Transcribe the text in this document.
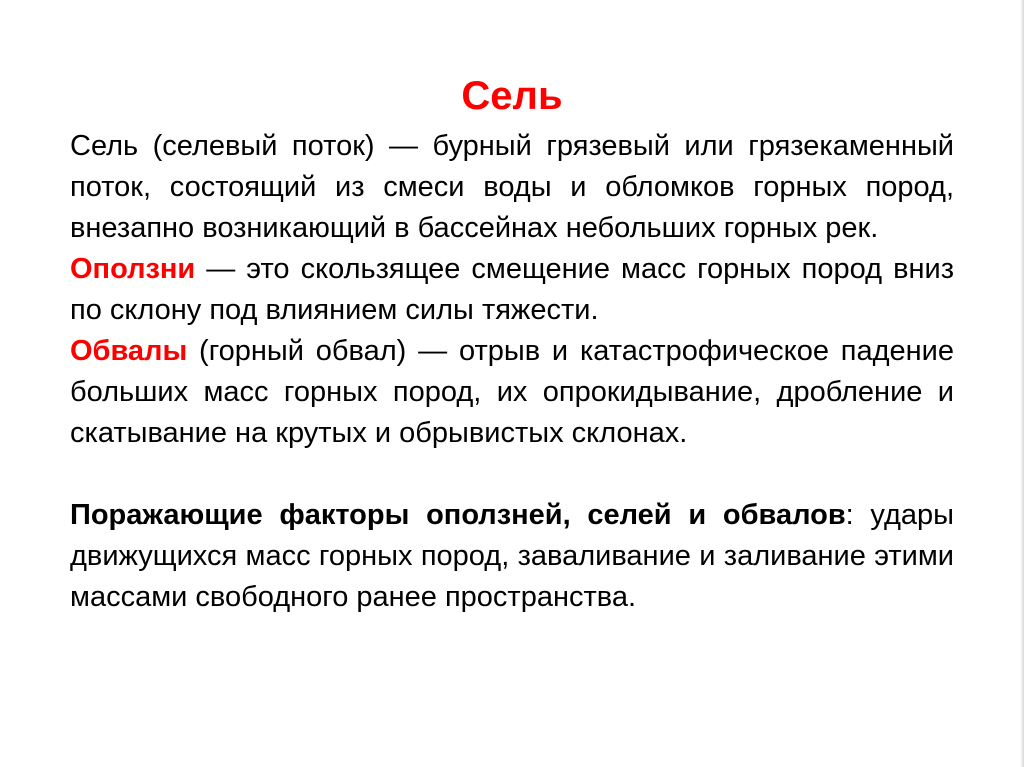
Сель

Сель (селевый поток) — бурный грязевый или грязекаменный поток, состоящий из смеси воды и обломков горных пород, внезапно возникающий в бассейнах небольших горных рек.

Оползни — это скользящее смещение масс горных пород вниз по склону под влиянием силы тяжести.

Обвалы (горный обвал) — отрыв и катастрофическое падение больших масс горных пород, их опрокидывание, дробление и скатывание на крутых и обрывистых склонах.

Поражающие факторы оползней, селей и обвалов: удары движущихся масс горных пород, заваливание и заливание этими массами свободного ранее пространства.
